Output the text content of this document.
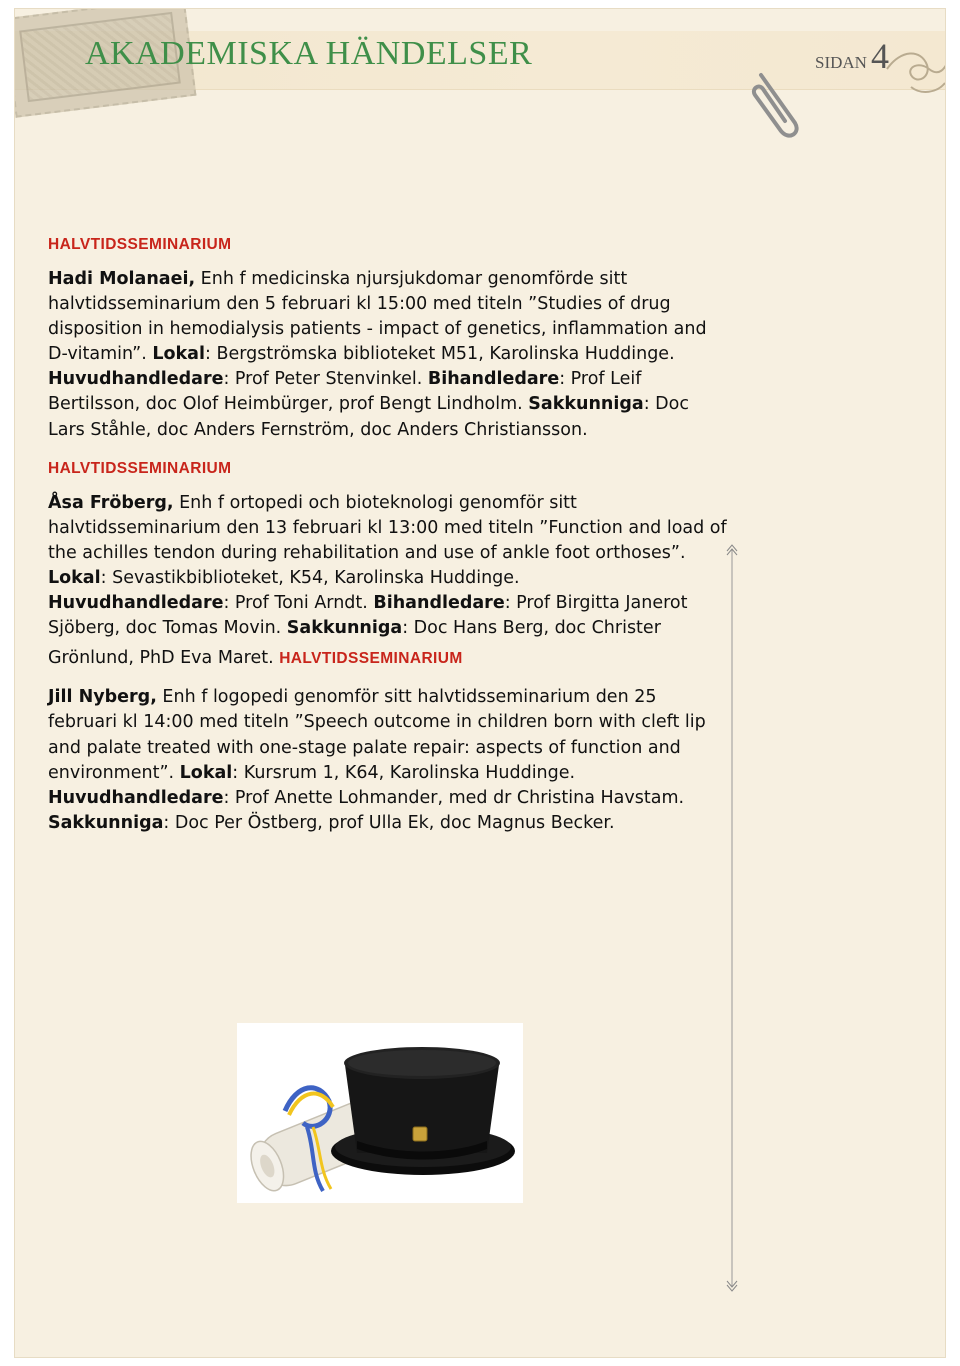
AKADEMISKA HÄNDELSER	SIDAN 4
HALVTIDSSEMINARIUM

Hadi Molanaei, Enh f medicinska njursjukdomar genomförde sitt halvtidsseminarium den 5 februari kl 15:00 med titeln ”Studies of drug disposition in hemodialysis patients - impact of genetics, inflammation and D-vitamin”. Lokal: Bergströmska biblioteket M51, Karolinska Huddinge. Huvudhandledare: Prof Peter Stenvinkel. Bihandledare: Prof Leif Bertilsson, doc Olof Heimbürger, prof Bengt Lindholm. Sakkunniga: Doc Lars Ståhle, doc Anders Fernström, doc Anders Christiansson.

HALVTIDSSEMINARIUM

Åsa Fröberg, Enh f ortopedi och bioteknologi genomför sitt halvtidsseminarium den 13 februari kl 13:00 med titeln ”Function and load of the achilles tendon during rehabilitation and use of ankle foot orthoses”. Lokal: Sevastikbiblioteket, K54, Karolinska Huddinge.
Huvudhandledare: Prof Toni Arndt. Bihandledare: Prof Birgitta Janerot Sjöberg, doc Tomas Movin. Sakkunniga: Doc Hans Berg, doc Christer

Grönlund, PhD Eva Maret. HALVTIDSSEMINARIUM

Jill Nyberg, Enh f logopedi genomför sitt halvtidsseminarium den 25 februari kl 14:00 med titeln ”Speech outcome in children born with cleft lip and palate treated with one-stage palate repair: aspects of function and environment”. Lokal: Kursrum 1, K64, Karolinska Huddinge.
Huvudhandledare: Prof Anette Lohmander, med dr Christina Havstam.
Sakkunniga: Doc Per Östberg, prof Ulla Ek, doc Magnus Becker.
